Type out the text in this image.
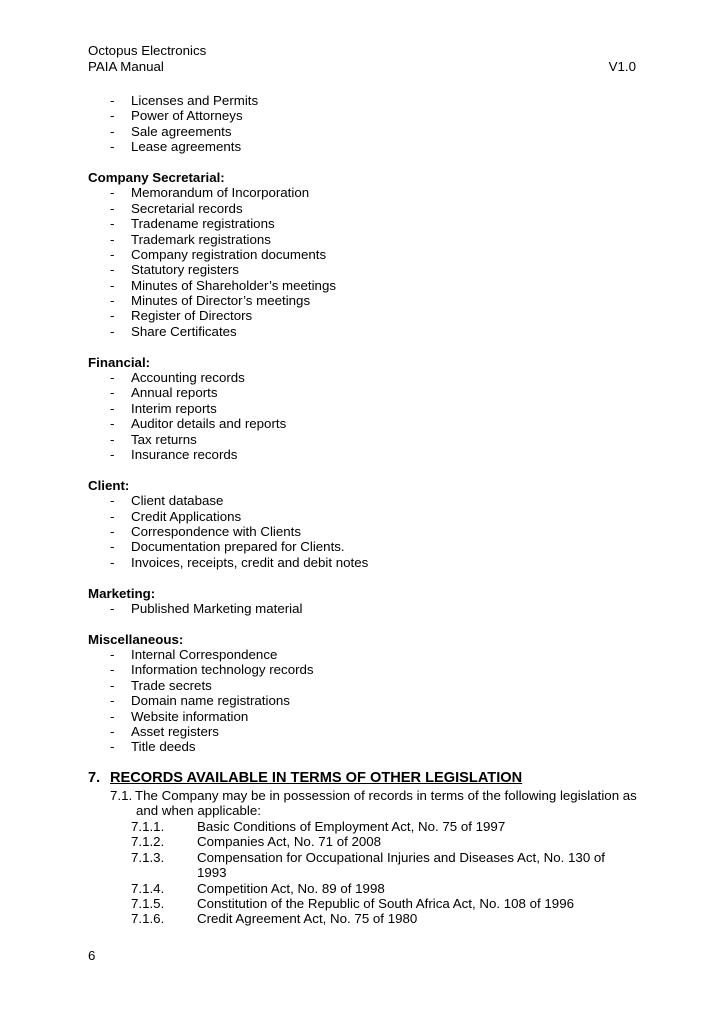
Octopus Electronics
PAIA Manual	V1.0
- Licenses and Permits
- Power of Attorneys
- Sale agreements
- Lease agreements
Company Secretarial:
- Memorandum of Incorporation
- Secretarial records
- Tradename registrations
- Trademark registrations
- Company registration documents
- Statutory registers
- Minutes of Shareholder’s meetings
- Minutes of Director’s meetings
- Register of Directors
- Share Certificates
Financial:
- Accounting records
- Annual reports
- Interim reports
- Auditor details and reports
- Tax returns
- Insurance records
Client:
- Client database
- Credit Applications
- Correspondence with Clients
- Documentation prepared for Clients.
- Invoices, receipts, credit and debit notes
Marketing:
- Published Marketing material
Miscellaneous:
- Internal Correspondence
- Information technology records
- Trade secrets
- Domain name registrations
- Website information
- Asset registers
- Title deeds
7. RECORDS AVAILABLE IN TERMS OF OTHER LEGISLATION
7.1. The Company may be in possession of records in terms of the following legislation as and when applicable:
7.1.1. Basic Conditions of Employment Act, No. 75 of 1997
7.1.2. Companies Act, No. 71 of 2008
7.1.3. Compensation for Occupational Injuries and Diseases Act, No. 130 of 1993
7.1.4. Competition Act, No. 89 of 1998
7.1.5. Constitution of the Republic of South Africa Act, No. 108 of 1996
7.1.6. Credit Agreement Act, No. 75 of 1980
6
